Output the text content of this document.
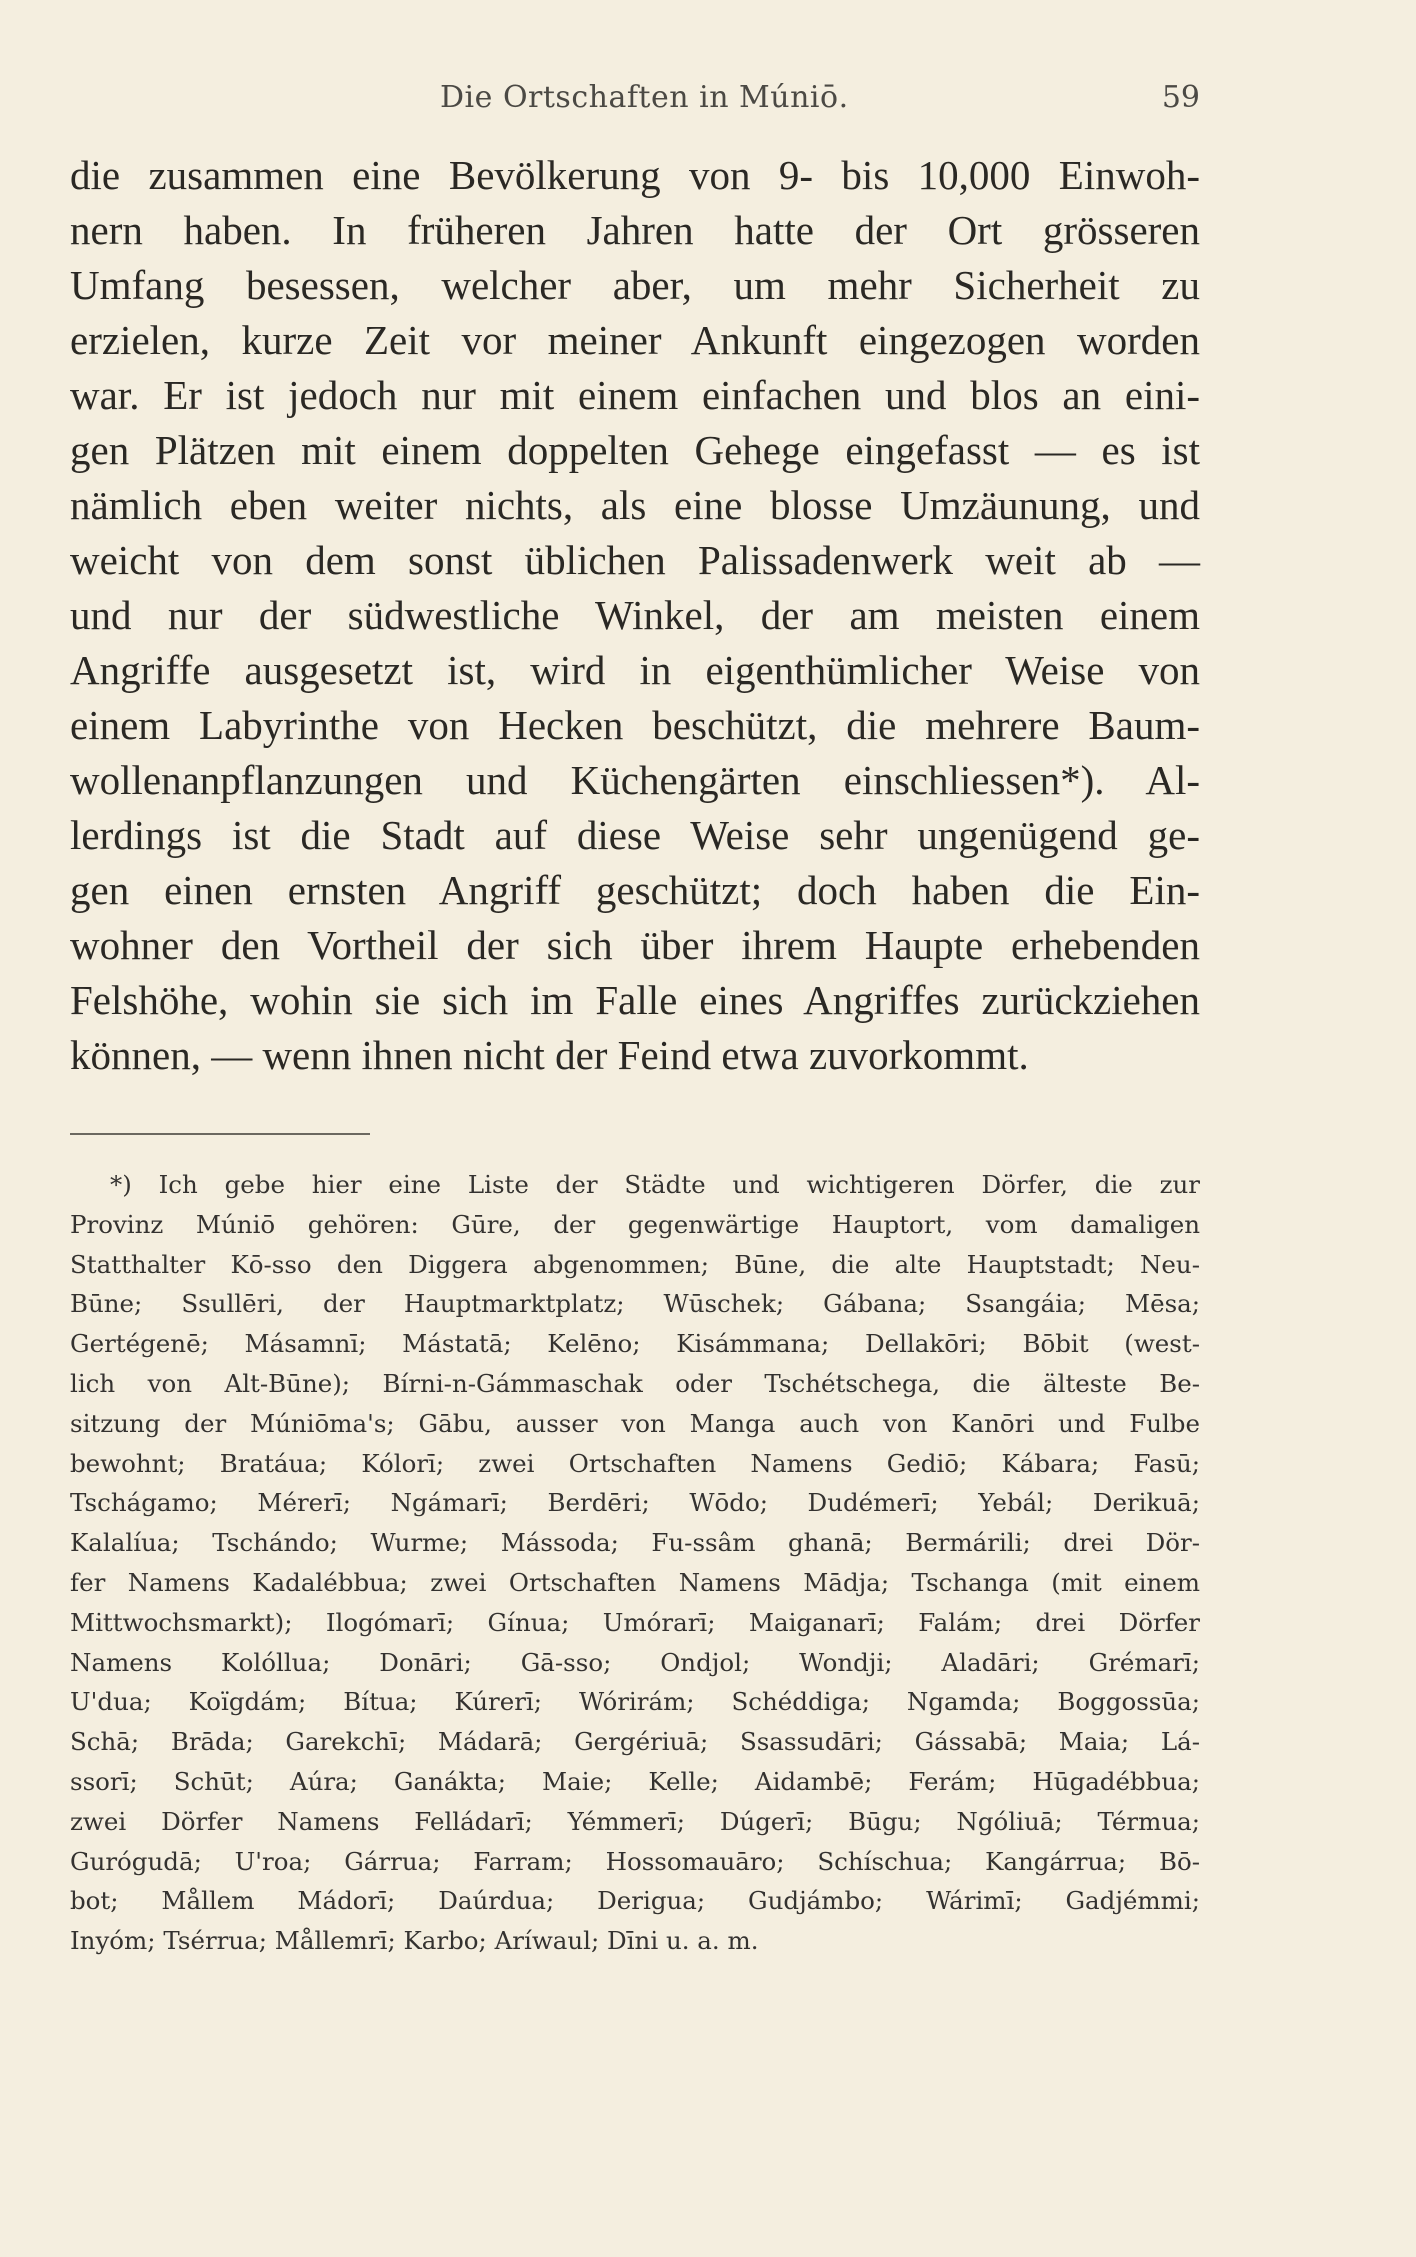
Die Ortschaften in Múniō.	59
die zusammen eine Bevölkerung von 9- bis 10,000 Einwoh-
nern haben. In früheren Jahren hatte der Ort grösseren
Umfang besessen, welcher aber, um mehr Sicherheit zu
erzielen, kurze Zeit vor meiner Ankunft eingezogen worden
war. Er ist jedoch nur mit einem einfachen und blos an eini-
gen Plätzen mit einem doppelten Gehege eingefasst — es ist
nämlich eben weiter nichts, als eine blosse Umzäunung, und
weicht von dem sonst üblichen Palissadenwerk weit ab —
und nur der südwestliche Winkel, der am meisten einem
Angriffe ausgesetzt ist, wird in eigenthümlicher Weise von
einem Labyrinthe von Hecken beschützt, die mehrere Baum-
wollenanpflanzungen und Küchengärten einschliessen*). Al-
lerdings ist die Stadt auf diese Weise sehr ungenügend ge-
gen einen ernsten Angriff geschützt; doch haben die Ein-
wohner den Vortheil der sich über ihrem Haupte erhebenden
Felshöhe, wohin sie sich im Falle eines Angriffes zurückziehen
können, — wenn ihnen nicht der Feind etwa zuvorkommt.
*) Ich gebe hier eine Liste der Städte und wichtigeren Dörfer, die zur
Provinz Múniō gehören: Gūre, der gegenwärtige Hauptort, vom damaligen
Statthalter Kō-sso den Diggera abgenommen; Būne, die alte Hauptstadt; Neu-
Būne; Ssullēri, der Hauptmarktplatz; Wūschek; Gábana; Ssangáia; Mēsa;
Gertégenē; Másamnī; Mástatā; Kelēno; Kisámmana; Dellakōri; Bōbit (west-
lich von Alt-Būne); Bírni-n-Gámmaschak oder Tschétschega, die älteste Be-
sitzung der Múniōma's; Gābu, ausser von Manga auch von Kanōri und Fulbe
bewohnt; Bratáua; Kólorī; zwei Ortschaften Namens Gediō; Kábara; Fasū;
Tschágamo; Mérerī; Ngámarī; Berdēri; Wōdo; Dudémerī; Yebál; Derikuā;
Kalalíua; Tschándo; Wurme; Mássoda; Fu-ssâm ghanā; Bermárili; drei Dör-
fer Namens Kadalébbua; zwei Ortschaften Namens Mādja; Tschanga (mit einem
Mittwochsmarkt); Ilogómarī; Gínua; Umórarī; Maiganarī; Falám; drei Dörfer
Namens Kolóllua; Donāri; Gā-sso; Ondjol; Wondji; Aladāri; Grémarī;
U'dua; Koïgdám; Bítua; Kúrerī; Wórirám; Schéddiga; Ngamda; Boggossūa;
Schā; Brāda; Garekchī; Mádarā; Gergériuā; Ssassudāri; Gássabā; Maia; Lá-
ssorī; Schūt; Aúra; Ganákta; Maie; Kelle; Aidambē; Ferám; Hūgadébbua;
zwei Dörfer Namens Felládarī; Yémmerī; Dúgerī; Būgu; Ngóliuā; Térmua;
Gurógudā; U'roa; Gárrua; Farram; Hossomauāro; Schíschua; Kangárrua; Bō-
bot; Mållem Mádorī; Daúrdua; Derigua; Gudjámbo; Wárimī; Gadjémmi;
Inyóm; Tsérrua; Mållemrī; Karbo; Aríwaul; Dīni u. a. m.
